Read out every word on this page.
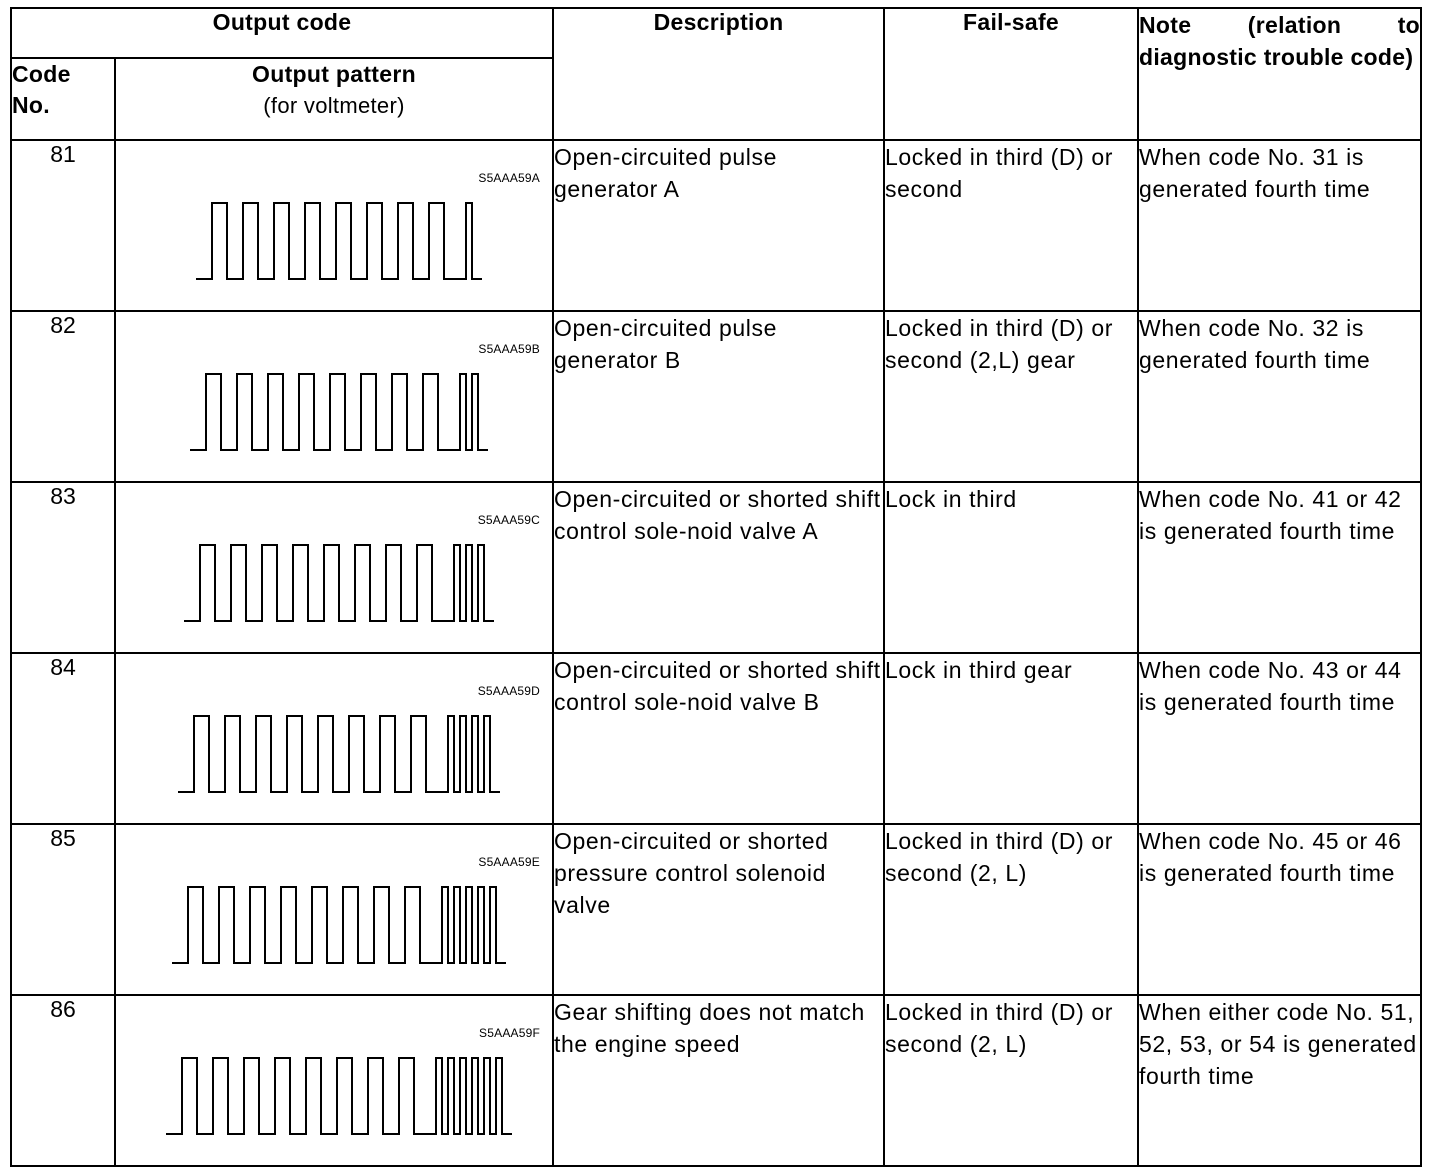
Output code		Description	Fail-safe	Note (relation to diagnostic trouble code)
Code No.	Output pattern
(for voltmeter)			

81	S5AAA59A	Open-circuited pulse generator A	Locked in third (D) or second	When code No. 31 is generated fourth time
82	S5AAA59B	Open-circuited pulse generator B	Locked in third (D) or second (2,L) gear	When code No. 32 is generated fourth time
83	S5AAA59C	Open-circuited or shorted shift control sole-noid valve A	Lock in third	When code No. 41 or 42 is generated fourth time
84	S5AAA59D	Open-circuited or shorted shift control sole-noid valve B	Lock in third gear	When code No. 43 or 44 is generated fourth time
85	S5AAA59E	Open-circuited or shorted pressure control solenoid valve	Locked in third (D) or second (2, L)	When code No. 45 or 46 is generated fourth time
86	S5AAA59F	Gear shifting does not match the engine speed	Locked in third (D) or second (2, L)	When either code No. 51, 52, 53, or 54 is generated fourth time
